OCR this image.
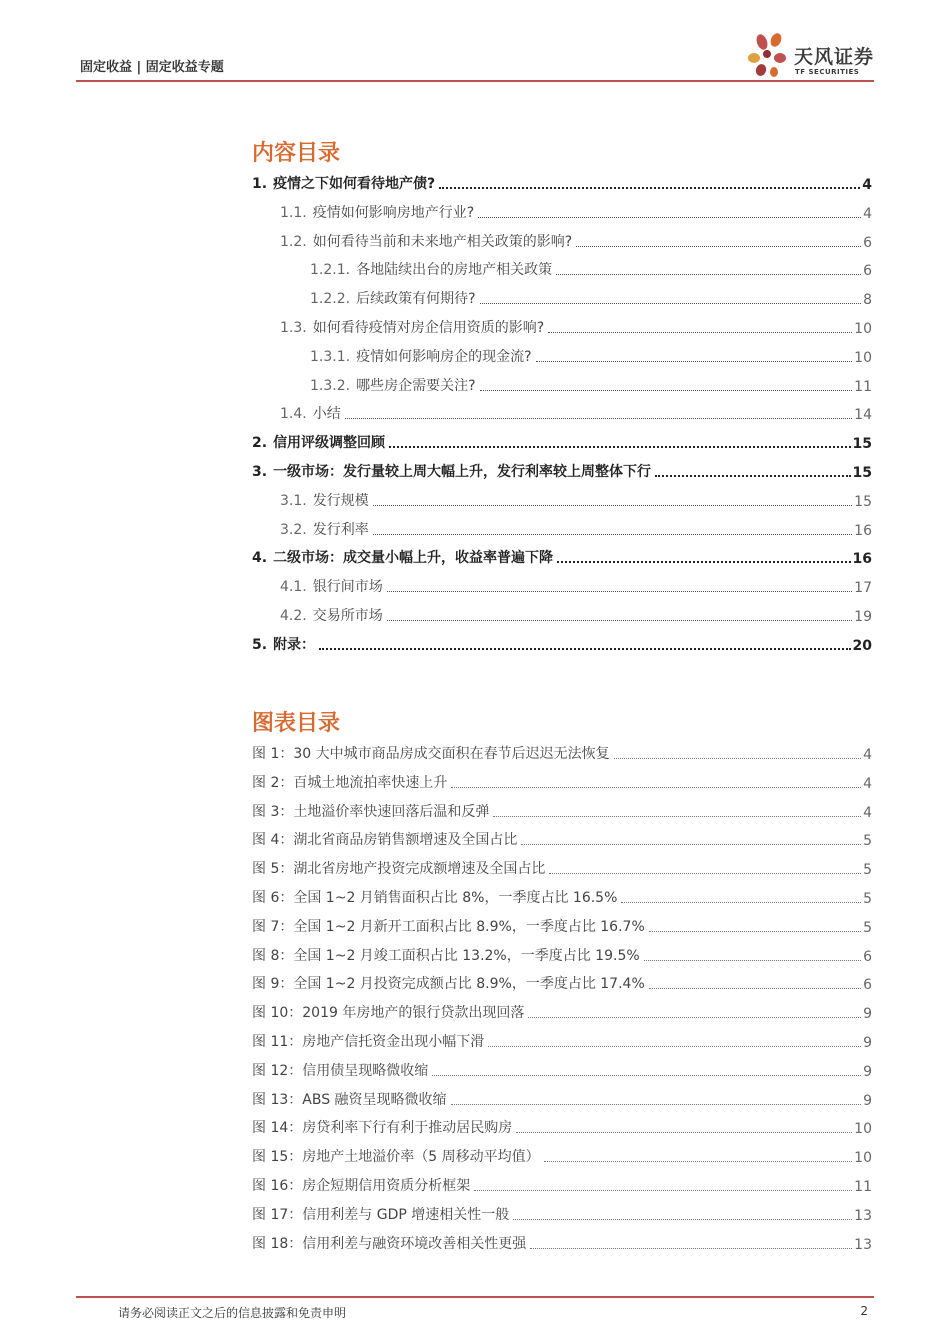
固定收益 | 固定收益专题	天风证券
TF SECURITIES
内容目录
1. 疫情之下如何看待地产债?	4
1.1. 疫情如何影响房地产行业?	4
1.2. 如何看待当前和未来地产相关政策的影响?	6
1.2.1. 各地陆续出台的房地产相关政策	6
1.2.2. 后续政策有何期待?	8
1.3. 如何看待疫情对房企信用资质的影响?	10
1.3.1. 疫情如何影响房企的现金流?	10
1.3.2. 哪些房企需要关注?	11
1.4. 小结	14
2. 信用评级调整回顾	15
3. 一级市场：发行量较上周大幅上升，发行利率较上周整体下行	15
3.1. 发行规模	15
3.2. 发行利率	16
4. 二级市场：成交量小幅上升，收益率普遍下降	16
4.1. 银行间市场	17
4.2. 交易所市场	19
5. 附录：	20
图表目录
图 1：30 大中城市商品房成交面积在春节后迟迟无法恢复	4
图 2：百城土地流拍率快速上升	4
图 3：土地溢价率快速回落后温和反弹	4
图 4：湖北省商品房销售额增速及全国占比	5
图 5：湖北省房地产投资完成额增速及全国占比	5
图 6：全国 1~2 月销售面积占比 8%，一季度占比 16.5%	5
图 7：全国 1~2 月新开工面积占比 8.9%，一季度占比 16.7%	5
图 8：全国 1~2 月竣工面积占比 13.2%，一季度占比 19.5%	6
图 9：全国 1~2 月投资完成额占比 8.9%，一季度占比 17.4%	6
图 10：2019 年房地产的银行贷款出现回落	9
图 11：房地产信托资金出现小幅下滑	9
图 12：信用债呈现略微收缩	9
图 13：ABS 融资呈现略微收缩	9
图 14：房贷利率下行有利于推动居民购房	10
图 15：房地产土地溢价率（5 周移动平均值）	10
图 16：房企短期信用资质分析框架	11
图 17：信用利差与 GDP 增速相关性一般	13
图 18：信用利差与融资环境改善相关性更强	13
请务必阅读正文之后的信息披露和免责申明	2
